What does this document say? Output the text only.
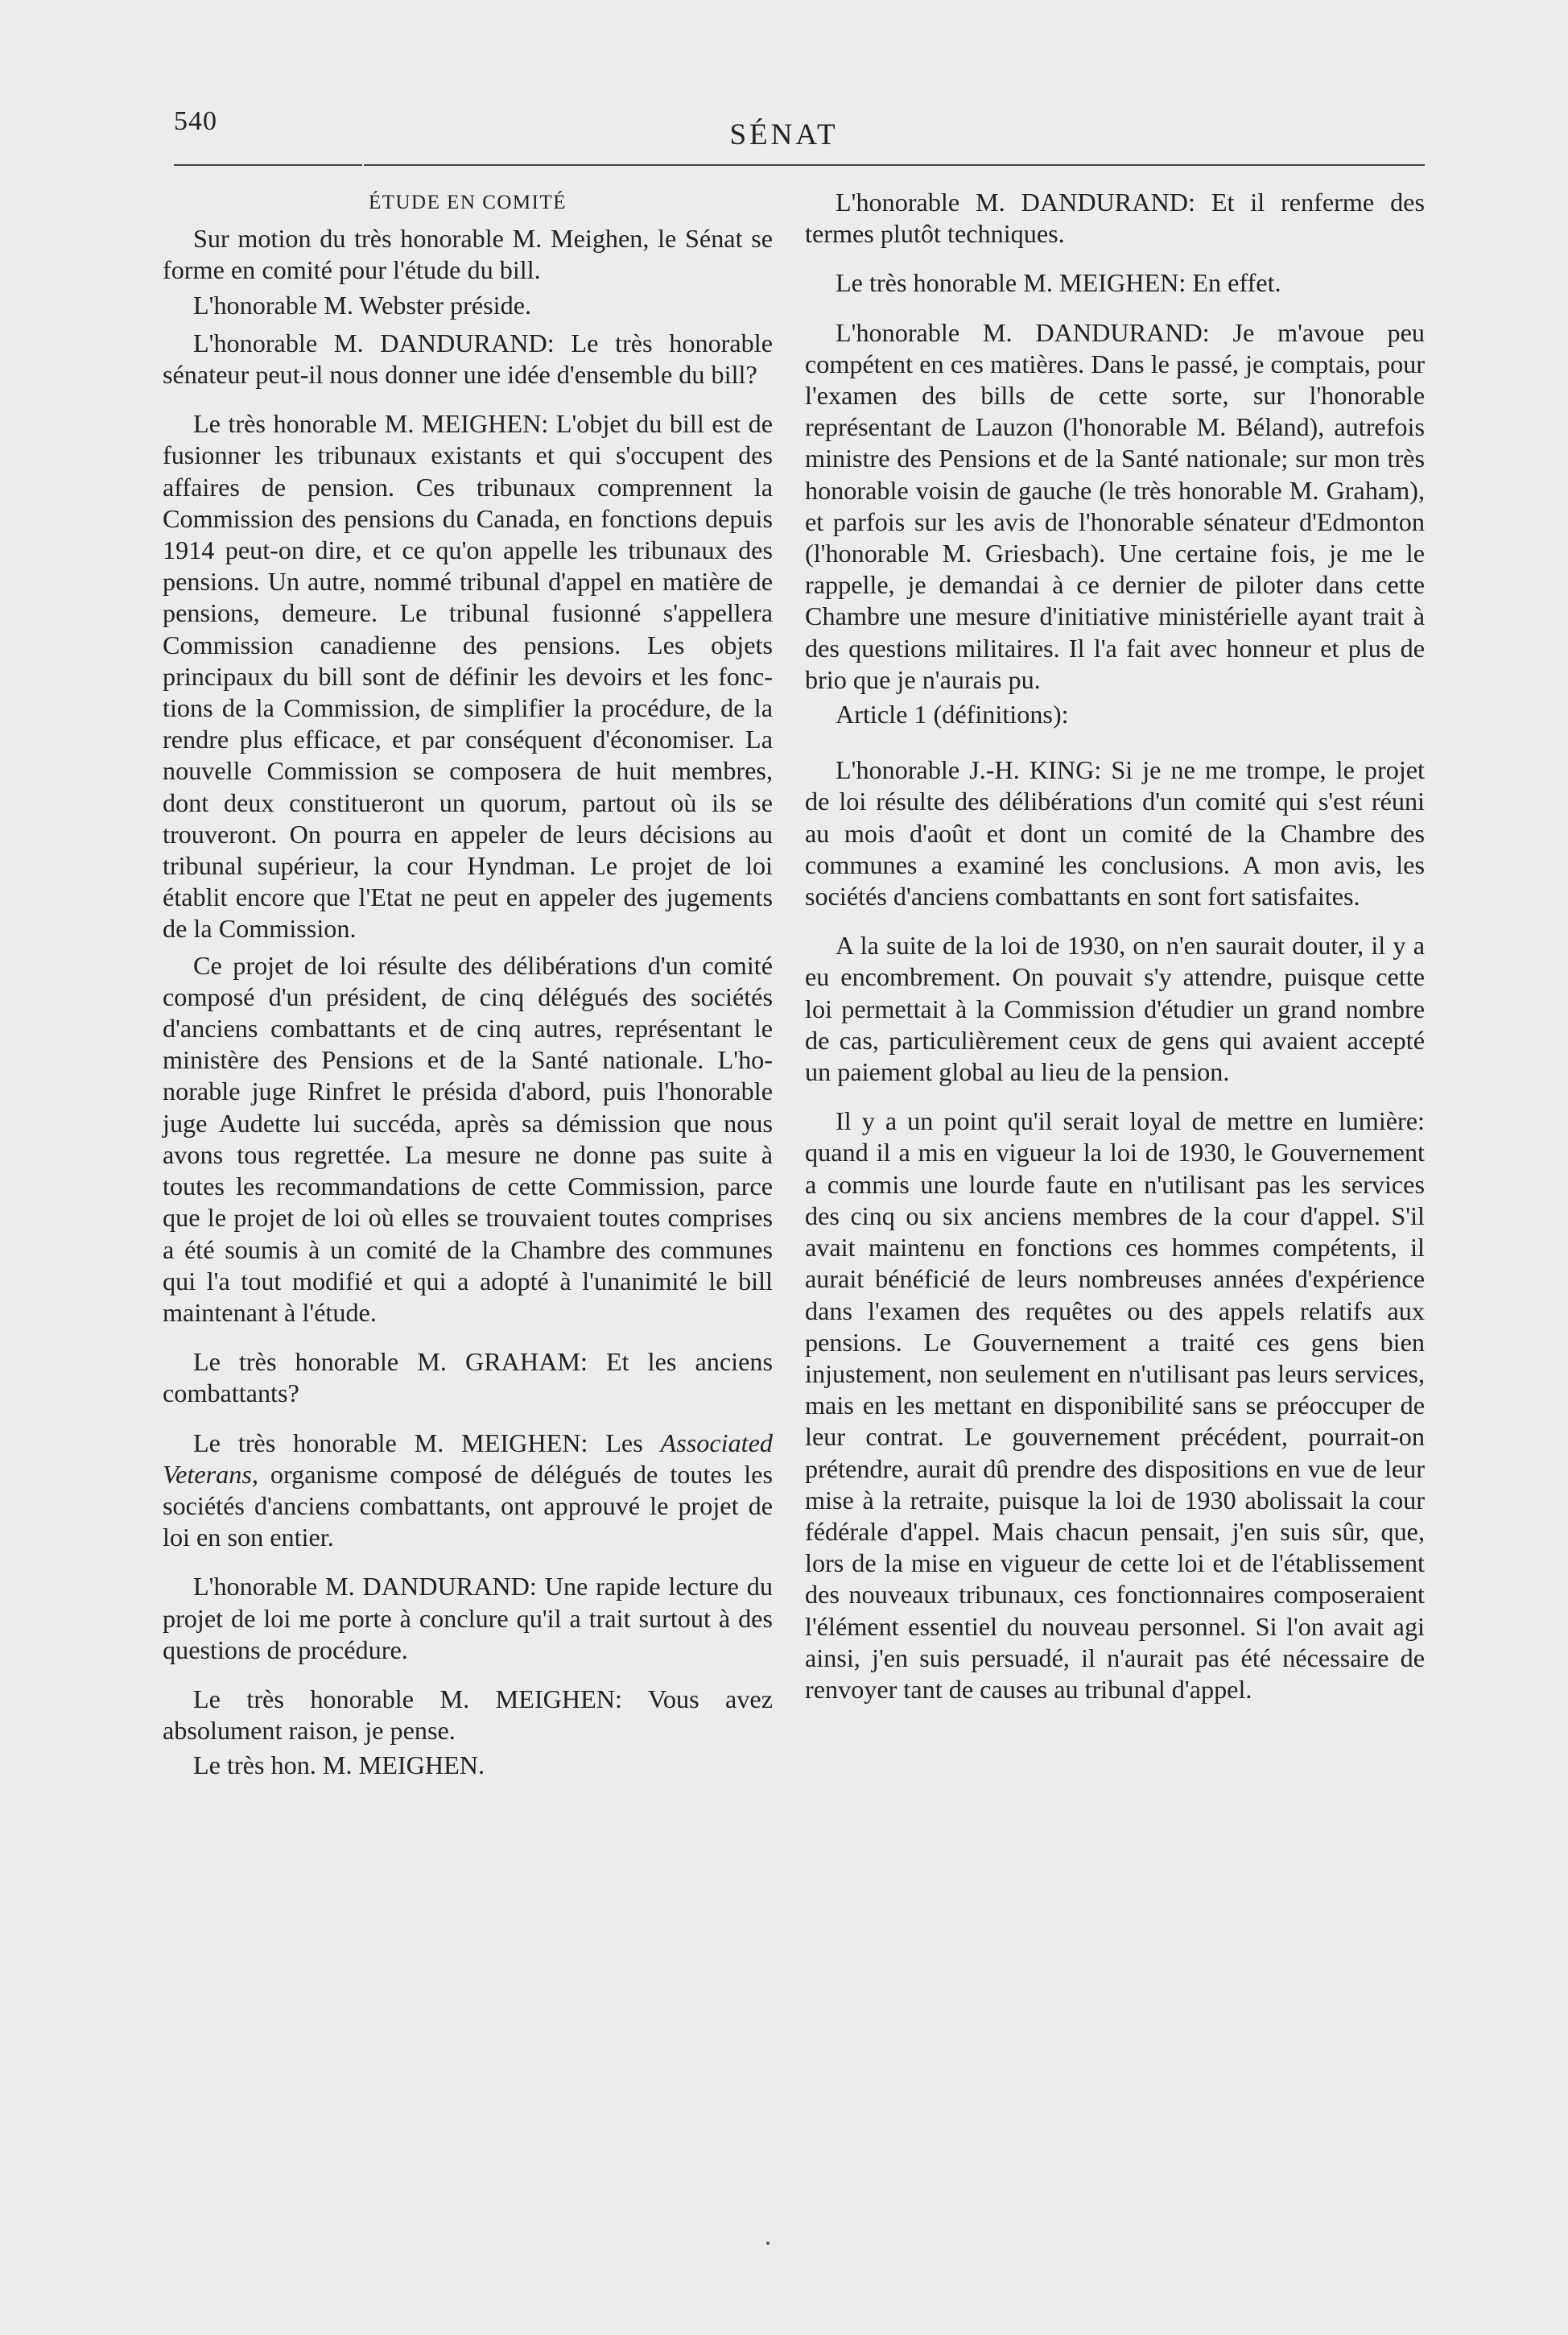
540	SÉNAT
ÉTUDE EN COMITÉ

Sur motion du très honorable M. Meighen, le Sénat se forme en comité pour l'étude du bill.

L'honorable M. Webster préside.

L'honorable M. DANDURAND: Le très honorable sénateur peut-il nous donner une idée d'ensemble du bill?

Le très honorable M. MEIGHEN: L'objet du bill est de fusionner les tribunaux existants et qui s'occupent des affaires de pension. Ces tribunaux comprennent la Commission des pensions du Canada, en fonctions depuis 1914 peut-on dire, et ce qu'on appelle les tribunaux des pensions. Un autre, nommé tribunal d'appel en matière de pensions, demeure. Le tribunal fusionné s'appellera Commission canadienne des pensions. Les objets principaux du bill sont de définir les devoirs et les fonctions de la Commission, de simplifier la procédure, de la rendre plus efficace, et par conséquent d'économiser. La nouvelle Commission se composera de huit membres, dont deux constitueront un quorum, partout où ils se trouveront. On pourra en appeler de leurs décisions au tribunal supérieur, la cour Hyndman. Le projet de loi établit encore que l'Etat ne peut en appeler des jugements de la Commission.

Ce projet de loi résulte des délibérations d'un comité composé d'un président, de cinq délégués des sociétés d'anciens combattants et de cinq autres, représentant le ministère des Pensions et de la Santé nationale. L'honorable juge Rinfret le présida d'abord, puis l'honorable juge Audette lui succéda, après sa démission que nous avons tous regrettée. La mesure ne donne pas suite à toutes les recommandations de cette Commission, parce que le projet de loi où elles se trouvaient toutes comprises a été soumis à un comité de la Chambre des communes qui l'a tout modifié et qui a adopté à l'unanimité le bill maintenant à l'étude.

Le très honorable M. GRAHAM: Et les anciens combattants?

Le très honorable M. MEIGHEN: Les Associated Veterans, organisme composé de délégués de toutes les sociétés d'anciens combattants, ont approuvé le projet de loi en son entier.

L'honorable M. DANDURAND: Une rapide lecture du projet de loi me porte à conclure qu'il a trait surtout à des questions de procédure.

Le très honorable M. MEIGHEN: Vous avez absolument raison, je pense.

Le très hon. M. MEIGHEN.

L'honorable M. DANDURAND: Et il renferme des termes plutôt techniques.

Le très honorable M. MEIGHEN: En effet.

L'honorable M. DANDURAND: Je m'avoue peu compétent en ces matières. Dans le passé, je comptais, pour l'examen des bills de cette sorte, sur l'honorable représentant de Lauzon (l'honorable M. Béland), autrefois ministre des Pensions et de la Santé nationale; sur mon très honorable voisin de gauche (le très honorable M. Graham), et parfois sur les avis de l'honorable sénateur d'Edmonton (l'honorable M. Griesbach). Une certaine fois, je me le rappelle, je demandai à ce dernier de piloter dans cette Chambre une mesure d'initiative ministérielle ayant trait à des questions militaires. Il l'a fait avec honneur et plus de brio que je n'aurais pu.

Article 1 (définitions):

L'honorable J.-H. KING: Si je ne me trompe, le projet de loi résulte des délibérations d'un comité qui s'est réuni au mois d'août et dont un comité de la Chambre des communes a examiné les conclusions. A mon avis, les sociétés d'anciens combattants en sont fort satisfaites.

A la suite de la loi de 1930, on n'en saurait douter, il y a eu encombrement. On pouvait s'y attendre, puisque cette loi permettait à la Commission d'étudier un grand nombre de cas, particulièrement ceux de gens qui avaient accepté un paiement global au lieu de la pension.

Il y a un point qu'il serait loyal de mettre en lumière: quand il a mis en vigueur la loi de 1930, le Gouvernement a commis une lourde faute en n'utilisant pas les services des cinq ou six anciens membres de la cour d'appel. S'il avait maintenu en fonctions ces hommes compétents, il aurait bénéficié de leurs nombreuses années d'expérience dans l'examen des requêtes ou des appels relatifs aux pensions. Le Gouvernement a traité ces gens bien injustement, non seulement en n'utilisant pas leurs services, mais en les mettant en disponibilité sans se préoccuper de leur contrat. Le gouvernement précédent, pourrait-on prétendre, aurait dû prendre des dispositions en vue de leur mise à la retraite, puisque la loi de 1930 abolissait la cour fédérale d'appel. Mais chacun pensait, j'en suis sûr, que, lors de la mise en vigueur de cette loi et de l'établissement des nouveaux tribunaux, ces fonctionnaires composeraient l'élément essentiel du nouveau personnel. Si l'on avait agi ainsi, j'en suis persuadé, il n'aurait pas été nécessaire de renvoyer tant de causes au tribunal d'appel.
